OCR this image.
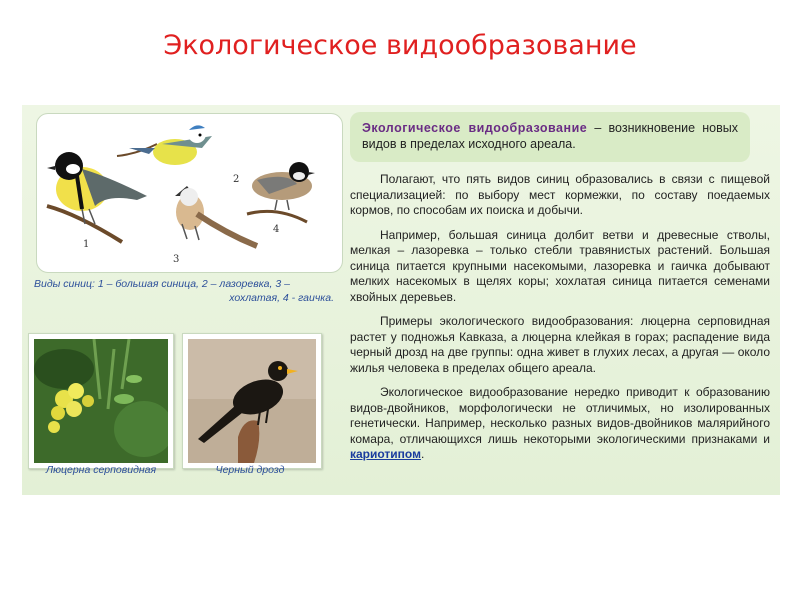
Экологическое видообразование
1
2
3
4
Виды синиц: 1 – большая синица, 2 – лазоревка, 3 –
хохлатая, 4 - гаичка.
Люцерна серповидная	Черный дрозд
Экологическое видообразование – возникновение новых видов в пределах исходного ареала.

Полагают, что пять видов синиц образовались в связи с пищевой специализацией: по выбору мест кормежки, по составу поедаемых кормов, по способам их поиска и добычи.

Например, большая синица долбит ветви и древесные стволы, мелкая – лазоревка – только стебли травянистых растений. Большая синица питается крупными насекомыми, лазоревка и гаичка добывают мелких насекомых в щелях коры; хохлатая синица питается семенами хвойных деревьев.

Примеры экологического видообразования: люцерна серповидная растет у подножья Кавказа, а люцерна клейкая в горах; распадение вида черный дрозд на две группы: одна живет в глухих лесах, а другая — около жилья человека в пределах общего ареала.

Экологическое видообразование нередко приводит к образованию видов-двойников, морфологически не отличимых, но изолированных генетически. Например, несколько разных видов-двойников малярийного комара, отличающихся лишь некоторыми экологическими признаками и кариотипом.
